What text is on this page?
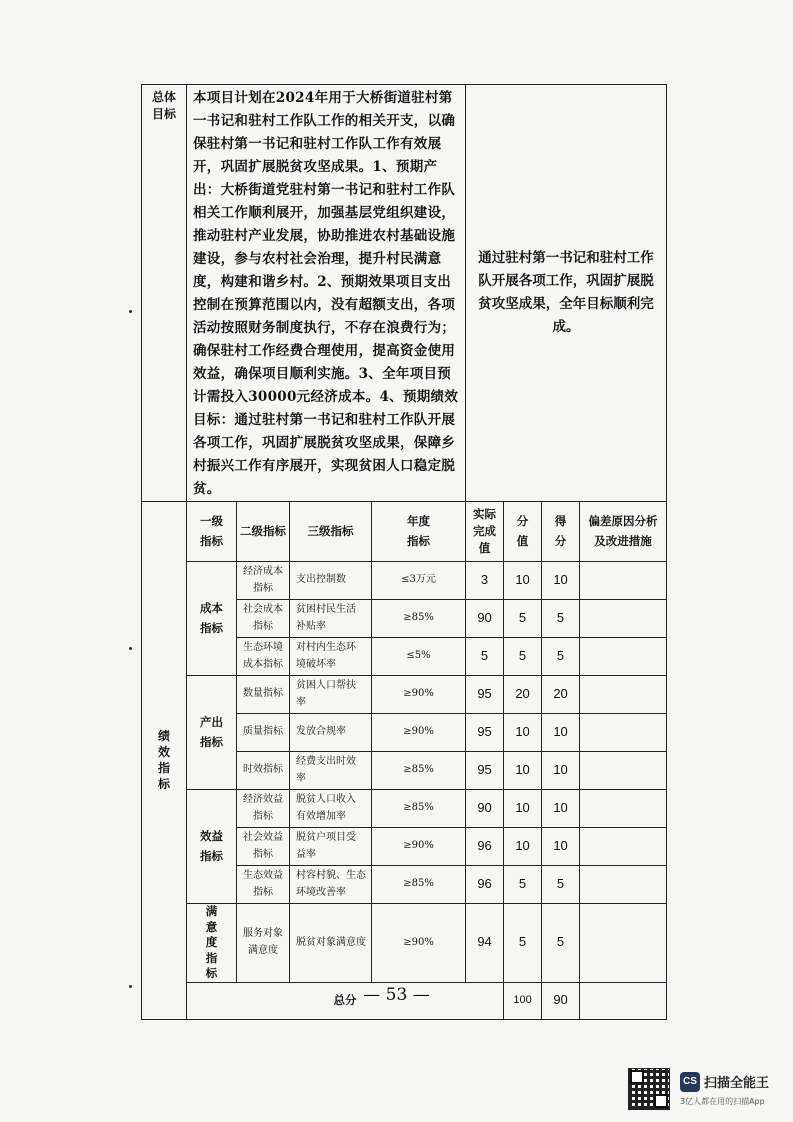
总体
目标	本项目计划在2024年用于大桥街道驻村第一书记和驻村工作队工作的相关开支，以确保驻村第一书记和驻村工作队工作有效展开，巩固扩展脱贫攻坚成果。1、预期产出：大桥街道党驻村第一书记和驻村工作队相关工作顺利展开，加强基层党组织建设，推动驻村产业发展，协助推进农村基础设施建设，参与农村社会治理，提升村民满意度，构建和谐乡村。2、预期效果项目支出控制在预算范围以内，没有超额支出，各项活动按照财务制度执行，不存在浪费行为；确保驻村工作经费合理使用，提高资金使用效益，确保项目顺利实施。3、全年项目预计需投入30000元经济成本。4、预期绩效目标：通过驻村第一书记和驻村工作队开展各项工作，巩固扩展脱贫攻坚成果，保障乡村振兴工作有序展开，实现贫困人口稳定脱贫。				通过驻村第一书记和驻村工作队开展各项工作，巩固扩展脱贫攻坚成果，全年目标顺利完成。			

绩效指标	一级指标	二级指标	三级指标	年度指标	实际完成值	分值	得分	偏差原因分析及改进措施

	成本指标	经济成本指标	支出控制数	≤3万元	3	10	10	

		社会成本指标	贫困村民生活补贴率	≥85%	90	5	5	

		生态环境成本指标	对村内生态环境破坏率	≤5%	5	5	5	

	产出指标	数量指标	贫困人口帮扶率	≥90%	95	20	20	
		质量指标	发放合规率	≥90%	95	10	10	
		时效指标	经费支出时效率	≥85%	95	10	10	

	效益指标	经济效益指标	脱贫人口收入有效增加率	≥85%	90	10	10	

		社会效益指标	脱贫户项目受益率	≥90%	96	10	10	

		生态效益指标	村容村貌、生态环境改善率	≥85%	96	5	5	

	满意度指标	服务对象满意度	脱贫对象满意度	≥90%	94	5	5	
	总分					100	90	
— 53 —
CS 扫描全能王
3亿人都在用的扫描App
